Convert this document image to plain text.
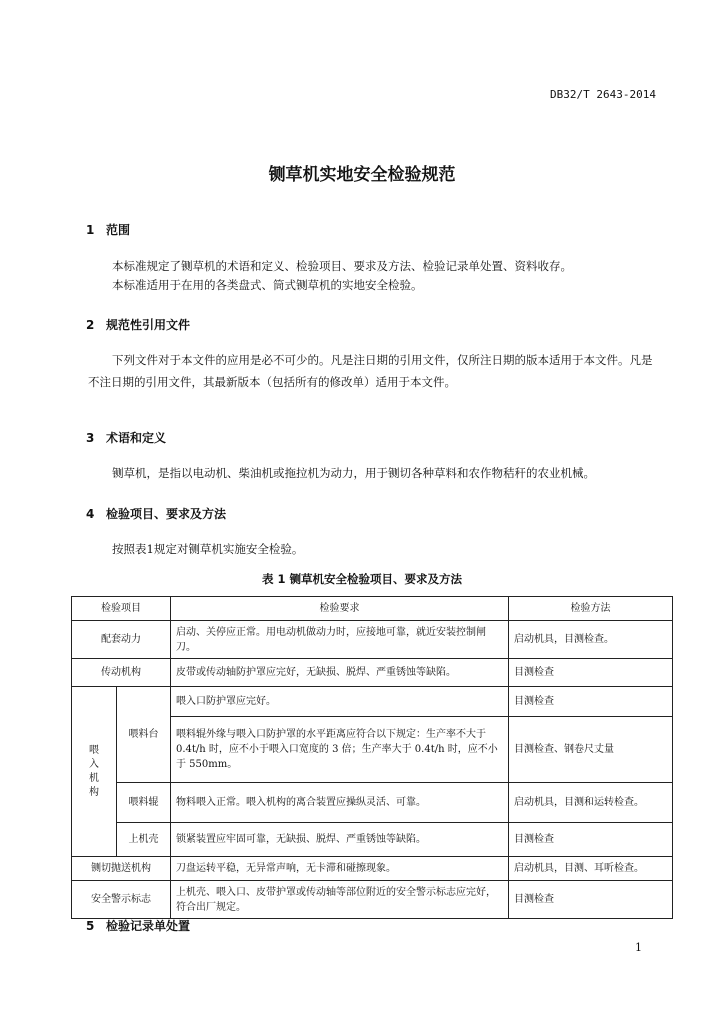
DB32/T 2643-2014
铡草机实地安全检验规范
1 范围
本标准规定了铡草机的术语和定义、检验项目、要求及方法、检验记录单处置、资料收存。
本标准适用于在用的各类盘式、筒式铡草机的实地安全检验。
2 规范性引用文件
下列文件对于本文件的应用是必不可少的。凡是注日期的引用文件，仅所注日期的版本适用于本文件。凡是不注日期的引用文件，其最新版本（包括所有的修改单）适用于本文件。
3 术语和定义
铡草机，是指以电动机、柴油机或拖拉机为动力，用于铡切各种草料和农作物秸秆的农业机械。
4 检验项目、要求及方法
按照表1规定对铡草机实施安全检验。
表 1 铡草机安全检验项目、要求及方法
检验项目		检验要求	检验方法
配套动力		启动、关停应正常。用电动机做动力时，应接地可靠，就近安装控制闸刀。	启动机具，目测检查。
传动机构		皮带或传动轴防护罩应完好，无缺损、脱焊、严重锈蚀等缺陷。	目测检查
喂
入
机
构	喂料台	喂入口防护罩应完好。	目测检查
		喂料辊外缘与喂入口防护罩的水平距离应符合以下规定：生产率不大于 0.4t/h 时，应不小于喂入口宽度的 3 倍；生产率大于 0.4t/h 时，应不小于 550mm。	目测检查、钢卷尺丈量
	喂料辊	物料喂入正常。喂入机构的离合装置应操纵灵活、可靠。	启动机具，目测和运转检查。
	上机壳	锁紧装置应牢固可靠，无缺损、脱焊、严重锈蚀等缺陷。	目测检查
铡切抛送机构		刀盘运转平稳，无异常声响，无卡滞和碰擦现象。	启动机具，目测、耳听检查。
安全警示标志		上机壳、喂入口、皮带护罩或传动轴等部位附近的安全警示标志应完好，符合出厂规定。	目测检查
5 检验记录单处置
1
